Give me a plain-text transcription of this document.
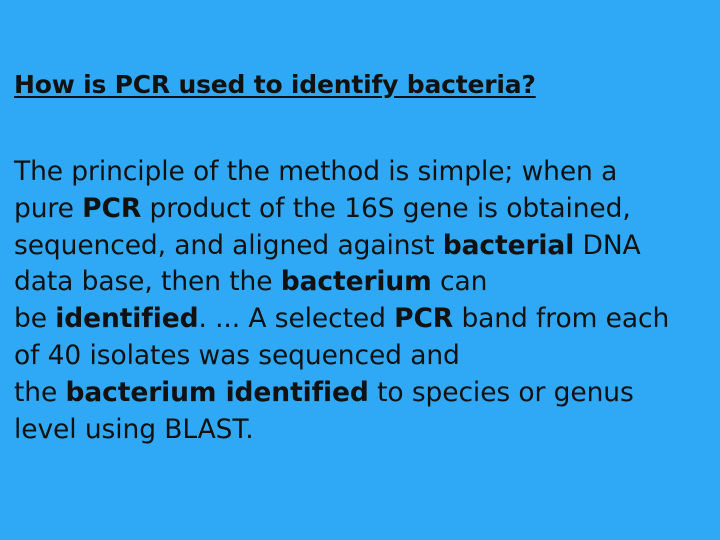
How is PCR used to identify bacteria?
The principle of the method is simple; when a
pure PCR product of the 16S gene is obtained,
sequenced, and aligned against bacterial DNA
data base, then the bacterium can
be identified. ... A selected PCR band from each
of 40 isolates was sequenced and
the bacterium identified to species or genus
level using BLAST.
